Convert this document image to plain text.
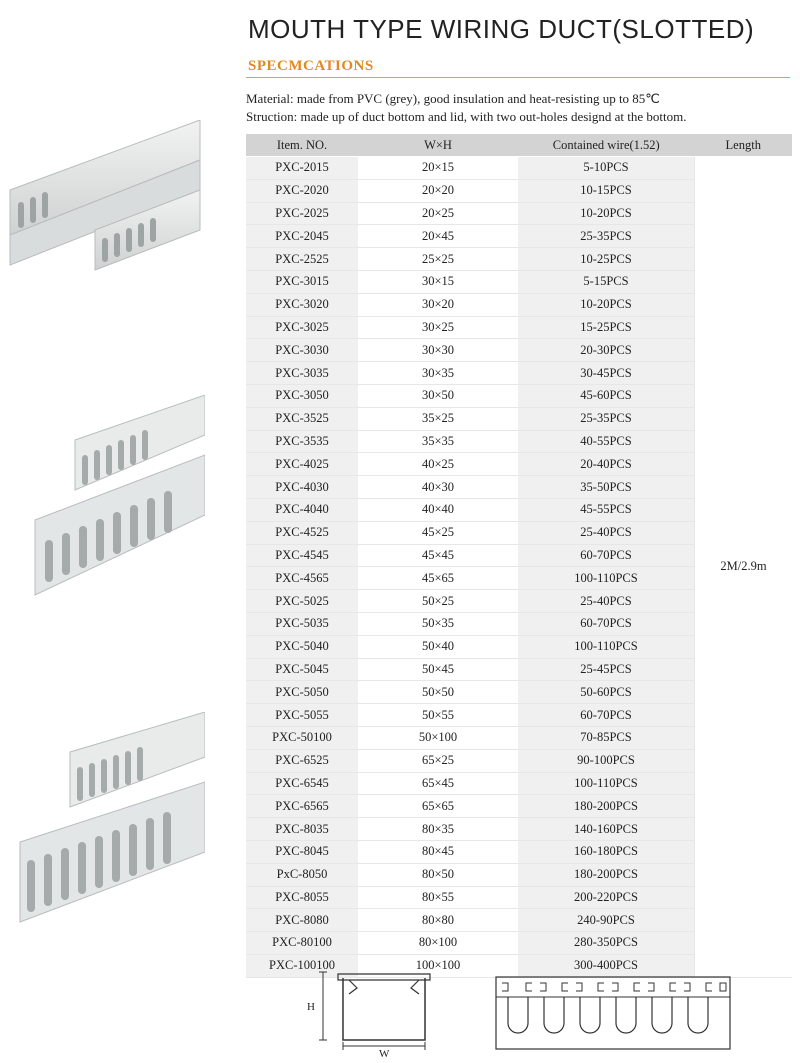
MOUTH TYPE WIRING DUCT(SLOTTED)
SPECMCATIONS
Material: made from PVC (grey), good insulation and heat-resisting up to 85℃
Struction: made up of duct bottom and lid, with two out-holes designd at the bottom.
Item. NO.	W×H	Contained wire(1.52)	Length
PXC-2015	20×15	5-10PCS	2M/2.9m
PXC-2020	20×20	10-15PCS	
PXC-2025	20×25	10-20PCS	
PXC-2045	20×45	25-35PCS	
PXC-2525	25×25	10-25PCS	
PXC-3015	30×15	5-15PCS	
PXC-3020	30×20	10-20PCS	
PXC-3025	30×25	15-25PCS	
PXC-3030	30×30	20-30PCS	
PXC-3035	30×35	30-45PCS	
PXC-3050	30×50	45-60PCS	
PXC-3525	35×25	25-35PCS	
PXC-3535	35×35	40-55PCS	
PXC-4025	40×25	20-40PCS	
PXC-4030	40×30	35-50PCS	
PXC-4040	40×40	45-55PCS	
PXC-4525	45×25	25-40PCS	
PXC-4545	45×45	60-70PCS	
PXC-4565	45×65	100-110PCS	
PXC-5025	50×25	25-40PCS	
PXC-5035	50×35	60-70PCS	
PXC-5040	50×40	100-110PCS	
PXC-5045	50×45	25-45PCS	
PXC-5050	50×50	50-60PCS	
PXC-5055	50×55	60-70PCS	
PXC-50100	50×100	70-85PCS	
PXC-6525	65×25	90-100PCS	
PXC-6545	65×45	100-110PCS	
PXC-6565	65×65	180-200PCS	
PXC-8035	80×35	140-160PCS	
PXC-8045	80×45	160-180PCS	
PxC-8050	80×50	180-200PCS	
PXC-8055	80×55	200-220PCS	
PXC-8080	80×80	240-90PCS	
PXC-80100	80×100	280-350PCS	
PXC-100100	100×100	300-400PCS	
H
W
